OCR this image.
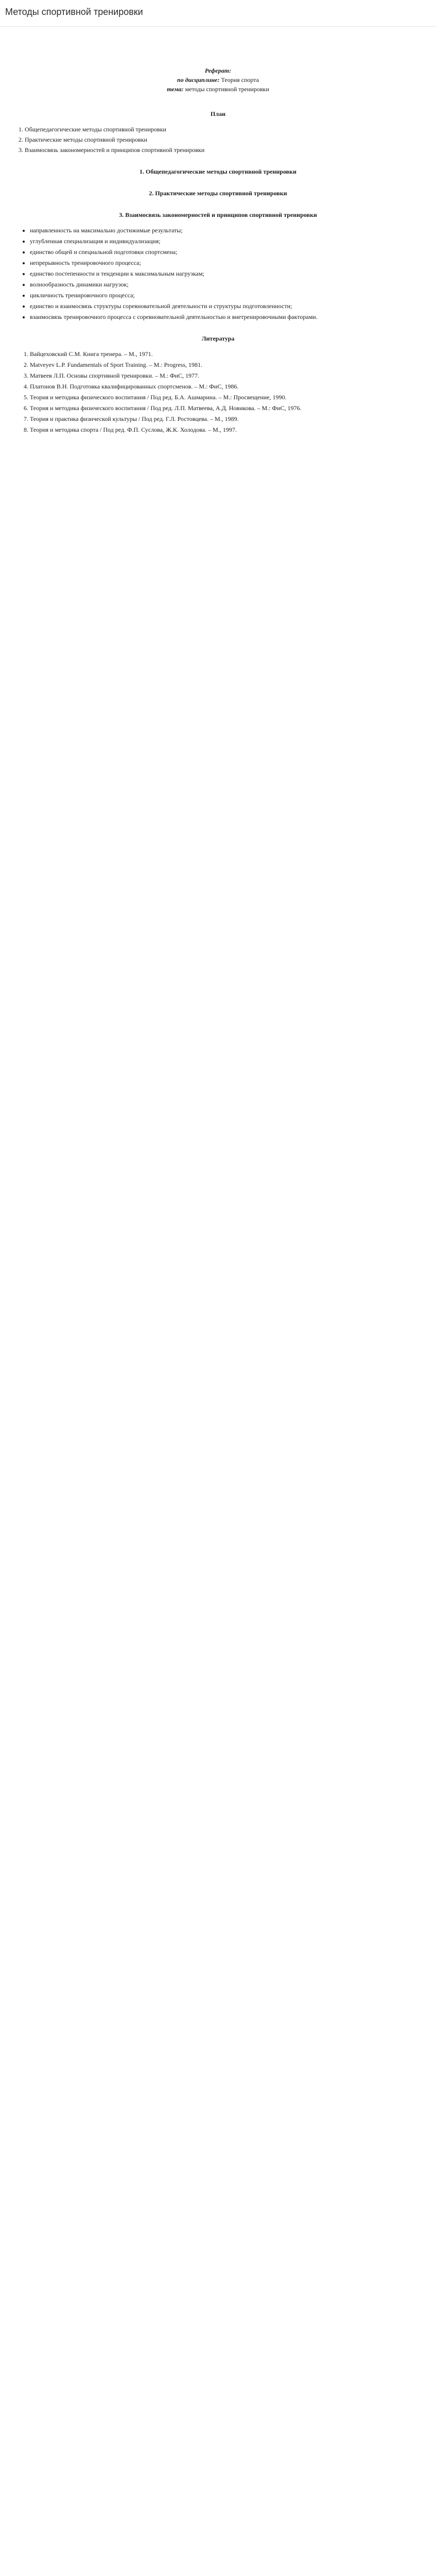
Методы спортивной тренировки

Реферат:

по дисциплине: Теория спорта

тема: методы спортивной тренировки

План
1. Общепедагогические методы спортивной тренировки
2. Практические методы спортивной тренировки
3. Взаимосвязь закономерностей и принципов спортивной тренировки
1. Общепедагогические методы спортивной тренировки
2. Практические методы спортивной тренировки
3. Взаимосвязь закономерностей и принципов спортивной тренировки
• направленность на максимально достижимые результаты;
• углубленная специализация и индивидуализация;
• единство общей и специальной подготовки спортсмена;
• непрерывность тренировочного процесса;
• единство постепенности и тенденции к максимальным нагрузкам;
• волнообразность динамики нагрузок;
• цикличность тренировочного процесса;
• единство и взаимосвязь структуры соревновательной деятельности и структуры подготовленности;
• взаимосвязь тренировочного процесса с соревновательной деятельностью и внетренировочными факторами.
Литература
1. Вайцеховский С.М. Книга тренера. – М., 1971.
2. Matveyev L.P. Fundamentals of Sport Training. – M.: Progress, 1981.
3. Матвеев Л.П. Основы спортивной тренировки. – М.: ФиС, 1977.
4. Платонов В.Н. Подготовка квалифицированных спортсменов. – М.: ФиС, 1986.
5. Теория и методика физического воспитания / Под ред. Б.А. Ашмарина. – М.: Просвещение, 1990.
6. Теория и методика физического воспитания / Под ред. Л.П. Матвеева, А.Д. Новикова. – М.: ФиС, 1976.
7. Теория и практика физической культуры / Под ред. Г.Л. Ростовцева. – М., 1989.
8. Теория и методика спорта / Под ред. Ф.П. Суслова, Ж.К. Холодова. – М., 1997.
